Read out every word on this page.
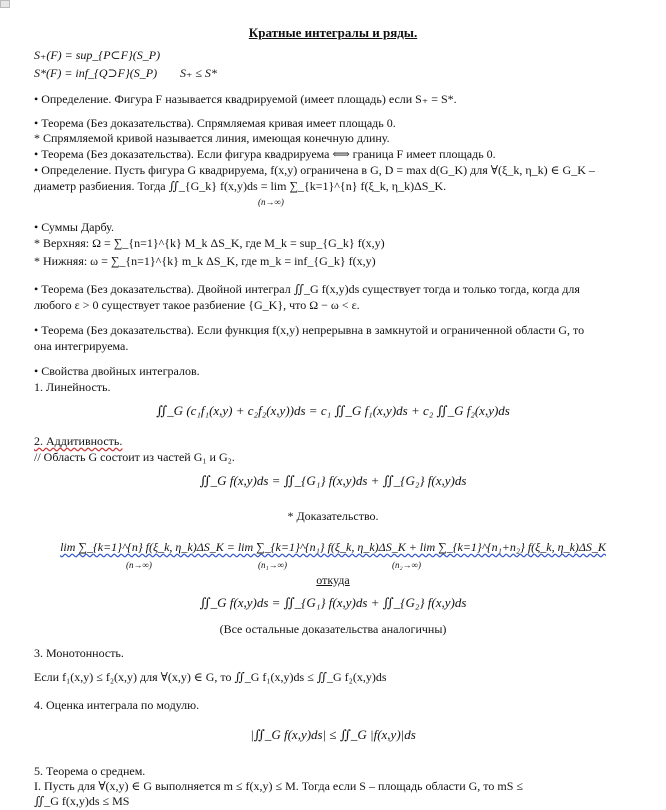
Кратные интегралы и ряды.
S₊(F) = sup_{P⊂F}(S_P)
S*(F) = inf_{Q⊃F}(S_P) S₊ ≤ S*
• Определение. Фигура F называется квадрируемой (имеет площадь) если S₊ = S*.
• Теорема (Без доказательства). Спрямляемая кривая имеет площадь 0.
* Спрямляемой кривой называется линия, имеющая конечную длину.
• Теорема (Без доказательства). Если фигура квадрируема ⟺ граница F имеет площадь 0.
• Определение. Пусть фигура G квадрируема, f(x,y) ограничена в G, D = max d(G_K) для ∀(ξ_k, η_k) ∈ G_K –
диаметр разбиения. Тогда ∬_{G_k} f(x,y)ds = lim ∑_{k=1}^{n} f(ξ_k, η_k)ΔS_K.
(n→∞)
• Суммы Дарбу.
* Верхняя: Ω = ∑_{n=1}^{k} M_k ΔS_K, где M_k = sup_{G_k} f(x,y)
* Нижняя: ω = ∑_{n=1}^{k} m_k ΔS_K, где m_k = inf_{G_k} f(x,y)
• Теорема (Без доказательства). Двойной интеграл ∬_G f(x,y)ds существует тогда и только тогда, когда для
любого ε > 0 существует такое разбиение {G_K}, что Ω − ω < ε.
• Теорема (Без доказательства). Если функция f(x,y) непрерывна в замкнутой и ограниченной области G, то
она интегрируема.
• Свойства двойных интегралов.
1. Линейность.
∬_G (c₁f₁(x,y) + c₂f₂(x,y))ds = c₁ ∬_G f₁(x,y)ds + c₂ ∬_G f₂(x,y)ds
2. Аддитивность.
// Область G состоит из частей G₁ и G₂.
∬_G f(x,y)ds = ∬_{G₁} f(x,y)ds + ∬_{G₂} f(x,y)ds
* Доказательство.
lim ∑_{k=1}^{n} f(ξ_k, η_k)ΔS_K = lim ∑_{k=1}^{n₁} f(ξ_k, η_k)ΔS_K + lim ∑_{k=1}^{n₁+n₂} f(ξ_k, η_k)ΔS_K
(n→∞)	(n₁→∞)	(n₂→∞)
откуда
∬_G f(x,y)ds = ∬_{G₁} f(x,y)ds + ∬_{G₂} f(x,y)ds
(Все остальные доказательства аналогичны)
3. Монотонность.
Если f₁(x,y) ≤ f₂(x,y) для ∀(x,y) ∈ G, то ∬_G f₁(x,y)ds ≤ ∬_G f₂(x,y)ds
4. Оценка интеграла по модулю.
|∬_G f(x,y)ds| ≤ ∬_G |f(x,y)|ds
5. Теорема о среднем.
I. Пусть для ∀(x,y) ∈ G выполняется m ≤ f(x,y) ≤ M. Тогда если S – площадь области G, то mS ≤
∬_G f(x,y)ds ≤ MS
